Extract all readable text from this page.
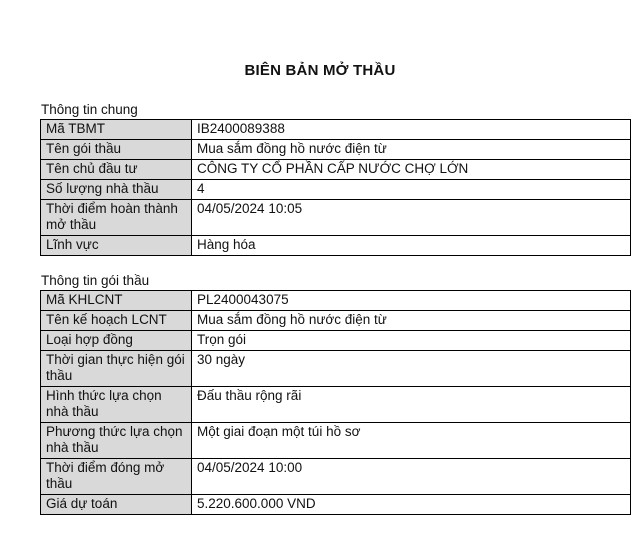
BIÊN BẢN MỞ THẦU
Thông tin chung
Mã TBMT	IB2400089388
Tên gói thầu	Mua sắm đồng hồ nước điện từ
Tên chủ đầu tư	CÔNG TY CỔ PHẦN CẤP NƯỚC CHỢ LỚN
Số lượng nhà thầu	4
Thời điểm hoàn thành mở thầu	04/05/2024 10:05
Lĩnh vực	Hàng hóa
Thông tin gói thầu
Mã KHLCNT	PL2400043075
Tên kế hoạch LCNT	Mua sắm đồng hồ nước điện từ
Loại hợp đồng	Trọn gói
Thời gian thực hiện gói thầu	30 ngày
Hình thức lựa chọn nhà thầu	Đấu thầu rộng rãi
Phương thức lựa chọn nhà thầu	Một giai đoạn một túi hồ sơ
Thời điểm đóng mở thầu	04/05/2024 10:00
Giá dự toán	5.220.600.000 VND
